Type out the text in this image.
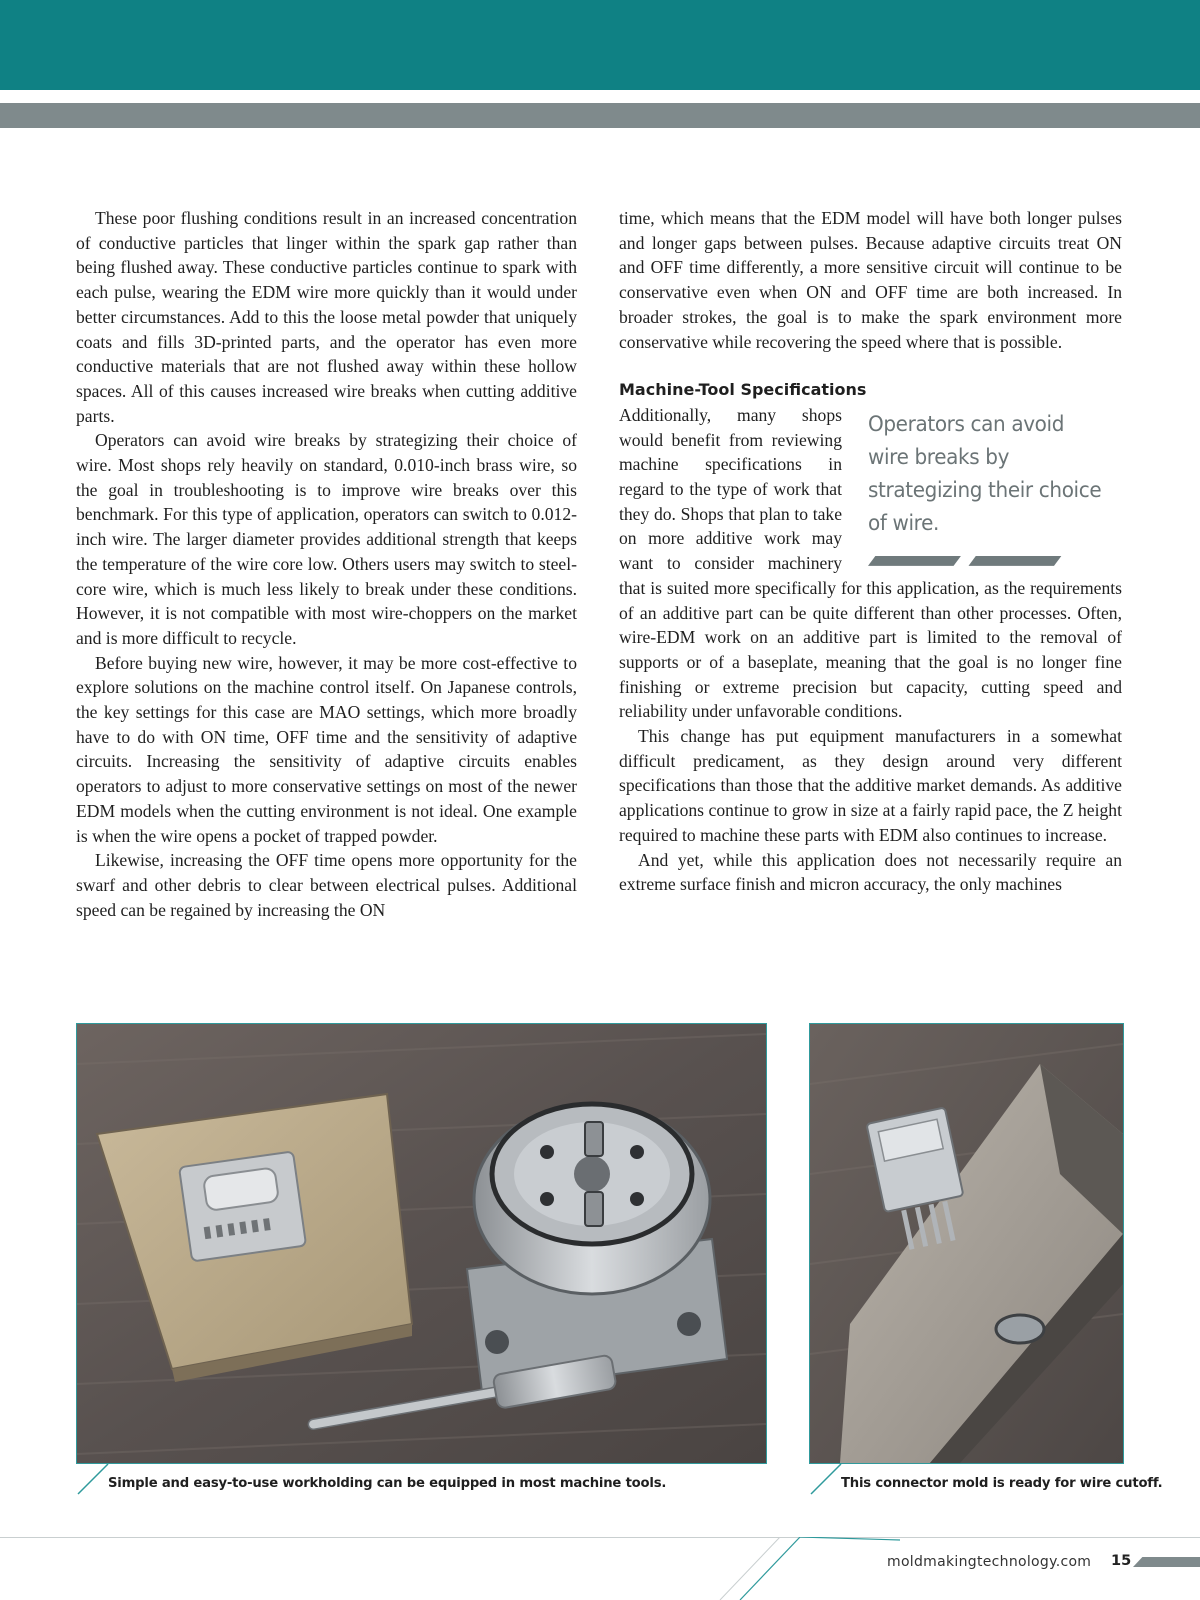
These poor flushing conditions result in an increased concentration of conductive particles that linger within the spark gap rather than being flushed away. These conductive particles continue to spark with each pulse, wearing the EDM wire more quickly than it would under better circumstances. Add to this the loose metal powder that uniquely coats and fills 3D-printed parts, and the operator has even more conductive materials that are not flushed away within these hollow spaces. All of this causes increased wire breaks when cutting additive parts.

Operators can avoid wire breaks by strategizing their choice of wire. Most shops rely heavily on standard, 0.010-inch brass wire, so the goal in troubleshooting is to improve wire breaks over this benchmark. For this type of application, operators can switch to 0.012-inch wire. The larger diameter provides additional strength that keeps the temperature of the wire core low. Others users may switch to steel-core wire, which is much less likely to break under these conditions. However, it is not compatible with most wire-choppers on the market and is more difficult to recycle.

Before buying new wire, however, it may be more cost-effective to explore solutions on the machine control itself. On Japanese controls, the key settings for this case are MAO settings, which more broadly have to do with ON time, OFF time and the sensitivity of adaptive circuits. Increasing the sensitivity of adaptive circuits enables operators to adjust to more conservative settings on most of the newer EDM models when the cutting environment is not ideal. One example is when the wire opens a pocket of trapped powder.

Likewise, increasing the OFF time opens more opportunity for the swarf and other debris to clear between electrical pulses. Additional speed can be regained by increasing the ON

time, which means that the EDM model will have both longer pulses and longer gaps between pulses. Because adaptive circuits treat ON and OFF time differently, a more sensitive circuit will continue to be conservative even when ON and OFF time are both increased. In broader strokes, the goal is to make the spark environment more conservative while recovering the speed where that is possible.

Machine-Tool Specifications

Operators can avoid wire breaks by strategizing their choice of wire.
Additionally, many shops would benefit from reviewing machine specifications in regard to the type of work that they do. Shops that plan to take on more additive work may want to consider machinery that is suited more specifically for this application, as the requirements of an additive part can be quite different than other processes. Often, wire-EDM work on an additive part is limited to the removal of supports or of a baseplate, meaning that the goal is no longer fine finishing or extreme precision but capacity, cutting speed and reliability under unfavorable conditions.

This change has put equipment manufacturers in a somewhat difficult predicament, as they design around very different specifications than those that the additive market demands. As additive applications continue to grow in size at a fairly rapid pace, the Z height required to machine these parts with EDM also continues to increase.

And yet, while this application does not necessarily require an extreme surface finish and micron accuracy, the only machines

Simple and easy-to-use workholding can be equipped in most machine tools.	This connector mold is ready for wire cutoff.
moldmakingtechnology.com 15
